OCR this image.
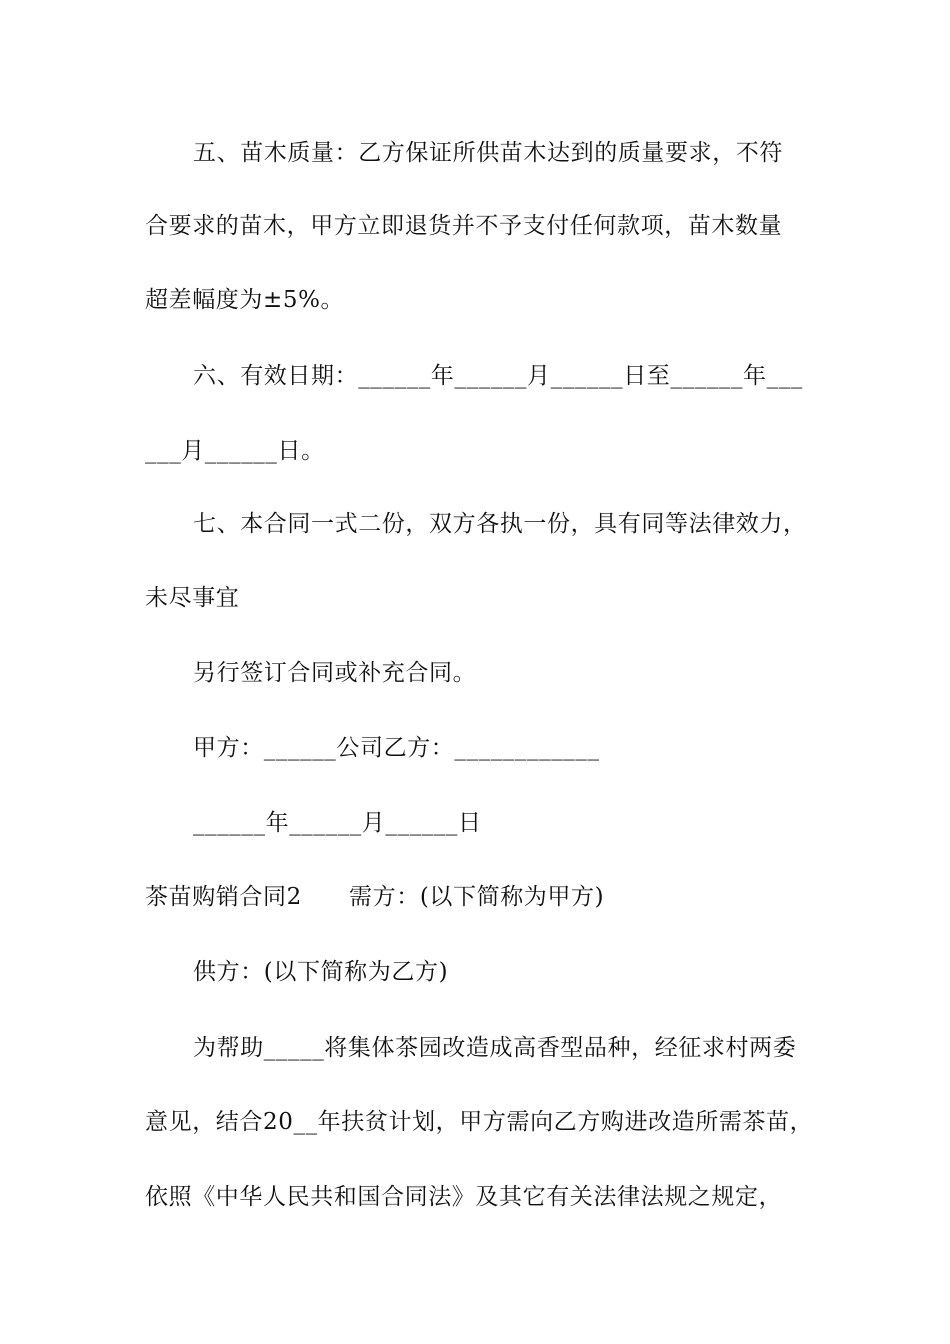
五、苗木质量：乙方保证所供苗木达到的质量要求，不符
合要求的苗木，甲方立即退货并不予支付任何款项，苗木数量
超差幅度为±5%。
六、有效日期：______年______月______日至______年___
___月______日。
七、本合同一式二份，双方各执一份，具有同等法律效力，
未尽事宜
另行签订合同或补充合同。
甲方：______公司乙方：____________
______年______月______日
茶苗购销合同2　　需方：(以下简称为甲方)
供方：(以下简称为乙方)
为帮助_____将集体茶园改造成高香型品种，经征求村两委
意见，结合20__年扶贫计划，甲方需向乙方购进改造所需茶苗，
依照《中华人民共和国合同法》及其它有关法律法规之规定，
